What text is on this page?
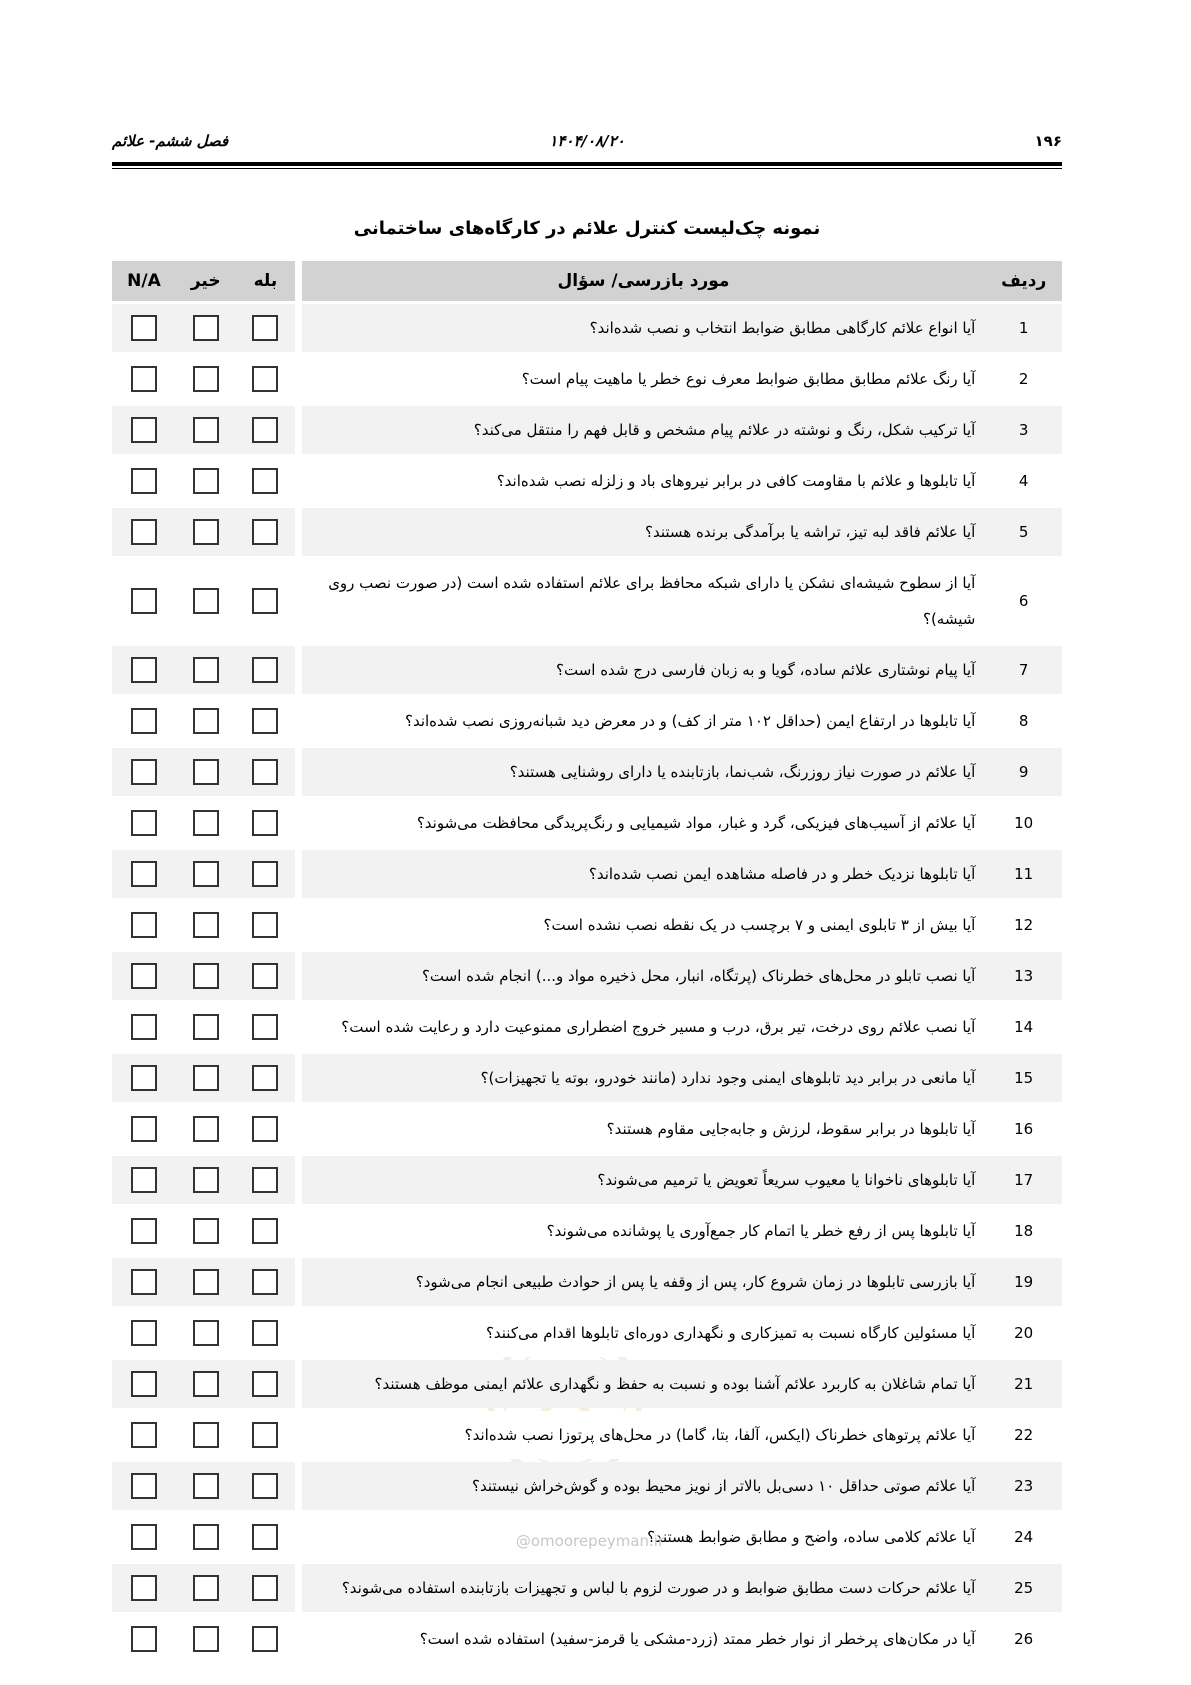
فصل ششم- علائم	۱۴۰۴/۰۸/۲۰	۱۹۶
نمونه چک‌لیست کنترل علائم در کارگاه‌های ساختمانی
ردیف	مورد بازرسی/ سؤال		بله	خیر	N/A
1	آیا انواع علائم کارگاهی مطابق ضوابط انتخاب و نصب شده‌اند؟				
2	آیا رنگ علائم مطابق مطابق ضوابط معرف نوع خطر یا ماهیت پیام است؟				
3	آیا ترکیب شکل، رنگ و نوشته در علائم پیام مشخص و قابل فهم را منتقل می‌کند؟				
4	آیا تابلوها و علائم با مقاومت کافی در برابر نیروهای باد و زلزله نصب شده‌اند؟				
5	آیا علائم فاقد لبه تیز، تراشه یا برآمدگی برنده هستند؟				
6	آیا از سطوح شیشه‌ای نشکن یا دارای شبکه محافظ برای علائم استفاده شده است (در صورت نصب روی شیشه)؟				
7	آیا پیام نوشتاری علائم ساده، گویا و به زبان فارسی درج شده است؟				
8	آیا تابلوها در ارتفاع ایمن (حداقل ۱۰۲ متر از کف) و در معرض دید شبانه‌روزی نصب شده‌اند؟				
9	آیا علائم در صورت نیاز روزرنگ، شب‌نما، بازتابنده یا دارای روشنایی هستند؟				
10	آیا علائم از آسیب‌های فیزیکی، گرد و غبار، مواد شیمیایی و رنگ‌پریدگی محافظت می‌شوند؟				
11	آیا تابلوها نزدیک خطر و در فاصله مشاهده ایمن نصب شده‌اند؟				
12	آیا بیش از ۳ تابلوی ایمنی و ۷ برچسب در یک نقطه نصب نشده است؟				
13	آیا نصب تابلو در محل‌های خطرناک (پرتگاه، انبار، محل ذخیره مواد و...) انجام شده است؟				
14	آیا نصب علائم روی درخت، تیر برق، درب و مسیر خروج اضطراری ممنوعیت دارد و رعایت شده است؟				
15	آیا مانعی در برابر دید تابلوهای ایمنی وجود ندارد (مانند خودرو، بوته یا تجهیزات)؟				
16	آیا تابلوها در برابر سقوط، لرزش و جابه‌جایی مقاوم هستند؟				
17	آیا تابلوهای ناخوانا یا معیوب سریعاً تعویض یا ترمیم می‌شوند؟				
18	آیا تابلوها پس از رفع خطر یا اتمام کار جمع‌آوری یا پوشانده می‌شوند؟				
19	آیا بازرسی تابلوها در زمان شروع کار، پس از وقفه یا پس از حوادث طبیعی انجام می‌شود؟				
20	آیا مسئولین کارگاه نسبت به تمیزکاری و نگهداری دوره‌ای تابلوها اقدام می‌کنند؟				
21	آیا تمام شاغلان به کاربرد علائم آشنا بوده و نسبت به حفظ و نگهداری علائم ایمنی موظف هستند؟				
22	آیا علائم پرتوهای خطرناک (ایکس، آلفا، بتا، گاما) در محل‌های پرتوزا نصب شده‌اند؟				
23	آیا علائم صوتی حداقل ۱۰ دسی‌بل بالاتر از نویز محیط بوده و گوش‌خراش نیستند؟				
24	آیا علائم کلامی ساده، واضح و مطابق ضوابط هستند؟				
25	آیا علائم حرکات دست مطابق ضوابط و در صورت لزوم با لباس و تجهیزات بازتابنده استفاده می‌شوند؟				
26	آیا در مکان‌های پرخطر از نوار خطر ممتد (زرد-مشکی یا قرمز-سفید) استفاده شده است؟				
@omoorepeyman.ir
